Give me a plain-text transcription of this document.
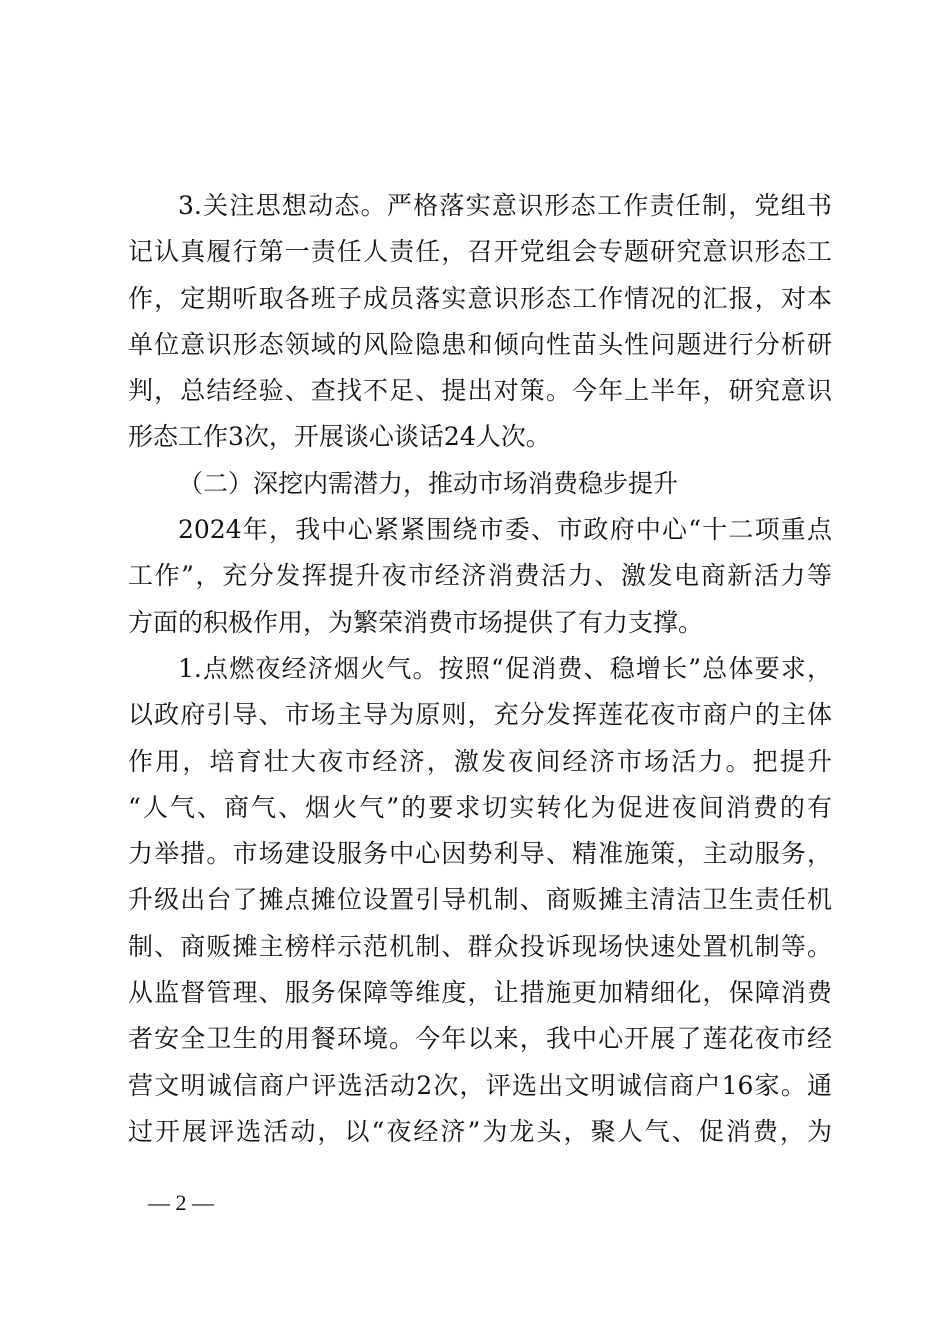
3.关注思想动态。严格落实意识形态工作责任制，党组书
记认真履行第一责任人责任，召开党组会专题研究意识形态工
作，定期听取各班子成员落实意识形态工作情况的汇报，对本
单位意识形态领域的风险隐患和倾向性苗头性问题进行分析研
判，总结经验、查找不足、提出对策。今年上半年，研究意识
形态工作3次，开展谈心谈话24人次。
（二）深挖内需潜力，推动市场消费稳步提升
2024年，我中心紧紧围绕市委、市政府中心“十二项重点
工作”，充分发挥提升夜市经济消费活力、激发电商新活力等
方面的积极作用，为繁荣消费市场提供了有力支撑。
1.点燃夜经济烟火气。按照“促消费、稳增长”总体要求，
以政府引导、市场主导为原则，充分发挥莲花夜市商户的主体
作用，培育壮大夜市经济，激发夜间经济市场活力。把提升
“人气、商气、烟火气”的要求切实转化为促进夜间消费的有
力举措。市场建设服务中心因势利导、精准施策，主动服务，
升级出台了摊点摊位设置引导机制、商贩摊主清洁卫生责任机
制、商贩摊主榜样示范机制、群众投诉现场快速处置机制等。
从监督管理、服务保障等维度，让措施更加精细化，保障消费
者安全卫生的用餐环境。今年以来，我中心开展了莲花夜市经
营文明诚信商户评选活动2次，评选出文明诚信商户16家。通
过开展评选活动，以“夜经济”为龙头，聚人气、促消费，为
— 2 —
